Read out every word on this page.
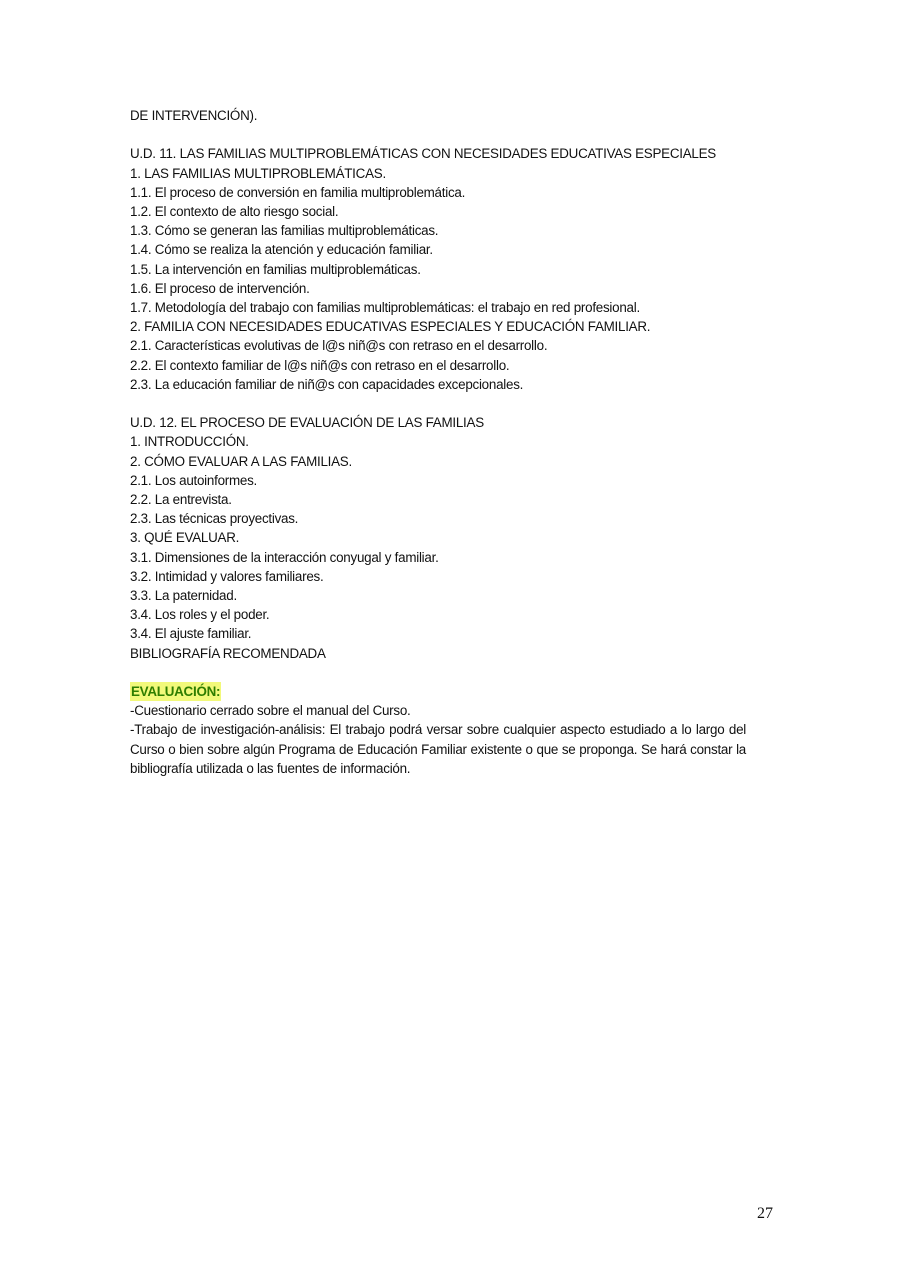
DE INTERVENCIÓN).
U.D. 11. LAS FAMILIAS MULTIPROBLEMÁTICAS CON NECESIDADES EDUCATIVAS ESPECIALES
1. LAS FAMILIAS MULTIPROBLEMÁTICAS.
1.1. El proceso de conversión en familia multiproblemática.
1.2. El contexto de alto riesgo social.
1.3. Cómo se generan las familias multiproblemáticas.
1.4. Cómo se realiza la atención y educación familiar.
1.5. La intervención en familias multiproblemáticas.
1.6. El proceso de intervención.
1.7. Metodología del trabajo con familias multiproblemáticas: el trabajo en red profesional.
2. FAMILIA CON NECESIDADES EDUCATIVAS ESPECIALES Y EDUCACIÓN FAMILIAR.
2.1. Características evolutivas de l@s niñ@s con retraso en el desarrollo.
2.2. El contexto familiar de l@s niñ@s con retraso en el desarrollo.
2.3. La educación familiar de niñ@s con capacidades excepcionales.
U.D. 12. EL PROCESO DE EVALUACIÓN DE LAS FAMILIAS
1. INTRODUCCIÓN.
2. CÓMO EVALUAR A LAS FAMILIAS.
2.1. Los autoinformes.
2.2. La entrevista.
2.3. Las técnicas proyectivas.
3. QUÉ EVALUAR.
3.1. Dimensiones de la interacción conyugal y familiar.
3.2. Intimidad y valores familiares.
3.3. La paternidad.
3.4. Los roles y el poder.
3.4. El ajuste familiar.
BIBLIOGRAFÍA RECOMENDADA
EVALUACIÓN:
-Cuestionario cerrado sobre el manual del Curso.

-Trabajo de investigación-análisis: El trabajo podrá versar sobre cualquier aspecto estudiado a lo largo del Curso o bien sobre algún Programa de Educación Familiar existente o que se proponga. Se hará constar la bibliografía utilizada o las fuentes de información.

27
